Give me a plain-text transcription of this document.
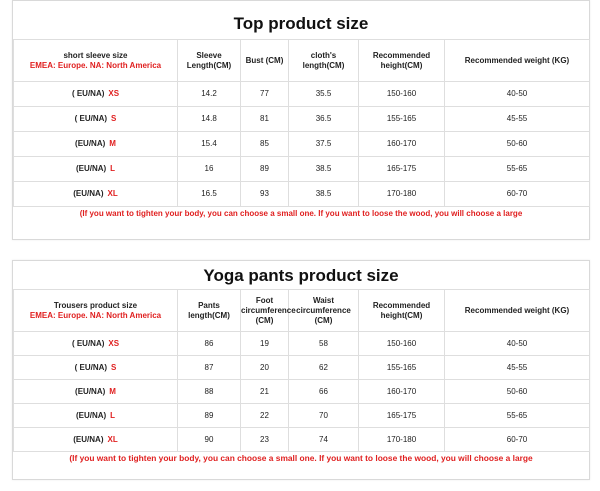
Top product size
short sleeve size
EMEA: Europe. NA: North America	Sleeve Length(CM)	Bust (CM)	cloth's length(CM)	Recommended height(CM)	Recommended weight (KG)
( EU/NA) XS	14.2	77	35.5	150-160	40-50
( EU/NA) S	14.8	81	36.5	155-165	45-55
(EU/NA) M	15.4	85	37.5	160-170	50-60
(EU/NA) L	16	89	38.5	165-175	55-65
(EU/NA) XL	16.5	93	38.5	170-180	60-70
(If you want to tighten your body, you can choose a small one. If you want to loose the wood, you will choose a large
Yoga pants product size
Trousers product size
EMEA: Europe. NA: North America	Pants length(CM)	Foot circumference (CM)	Waist circumference (CM)	Recommended height(CM)	Recommended weight (KG)
( EU/NA) XS	86	19	58	150-160	40-50
( EU/NA) S	87	20	62	155-165	45-55
(EU/NA) M	88	21	66	160-170	50-60
(EU/NA) L	89	22	70	165-175	55-65
(EU/NA) XL	90	23	74	170-180	60-70
(If you want to tighten your body, you can choose a small one. If you want to loose the wood, you will choose a large
